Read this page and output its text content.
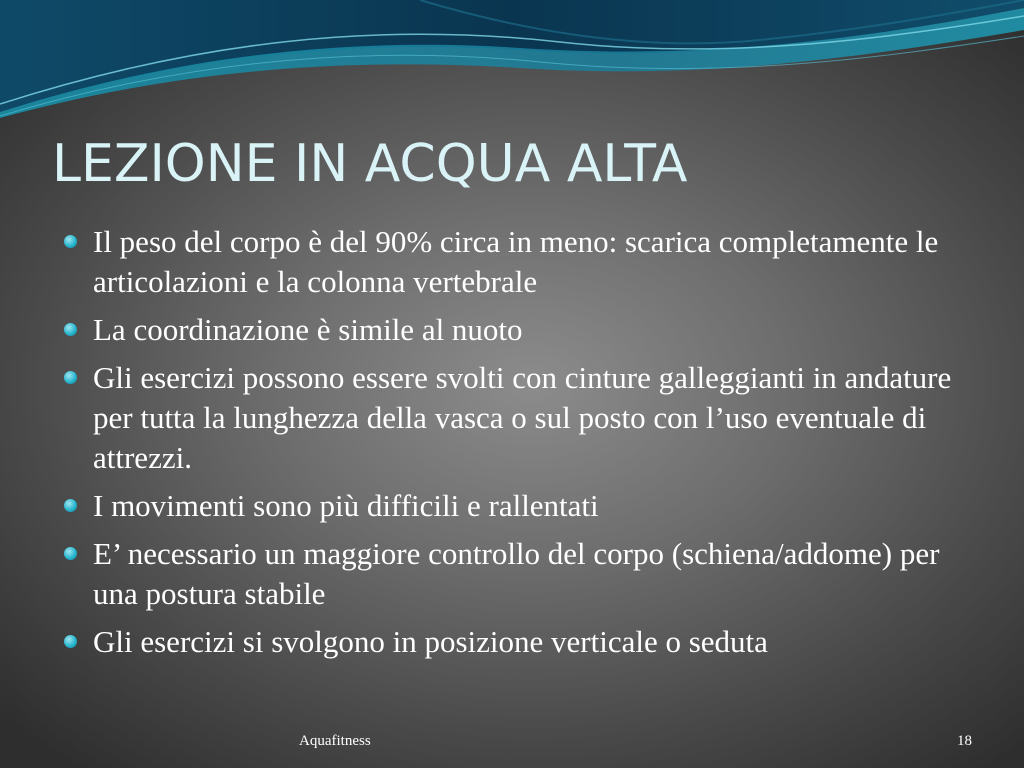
LEZIONE IN ACQUA ALTA
Il peso del corpo è del 90% circa in meno: scarica completamente le articolazioni e la colonna vertebrale
La coordinazione è simile al nuoto
Gli esercizi possono essere svolti con cinture galleggianti in andature per tutta la lunghezza della vasca o sul posto con l’uso eventuale di attrezzi.
I movimenti sono più difficili e rallentati
E’ necessario un maggiore controllo del corpo (schiena/addome) per una postura stabile
Gli esercizi si svolgono in posizione verticale o seduta
Aquafitness	18
